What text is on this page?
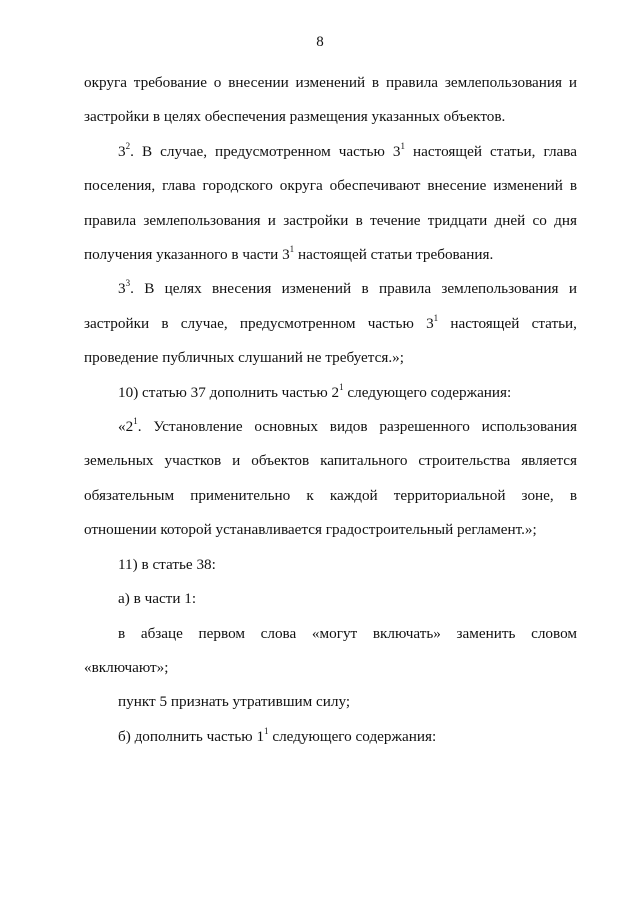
8

округа требование о внесении изменений в правила землепользования и застройки в целях обеспечения размещения указанных объектов.

$3^2$. В случае, предусмотренном частью $3^1$ настоящей статьи, глава поселения, глава городского округа обеспечивают внесение изменений в правила землепользования и застройки в течение тридцати дней со дня получения указанного в части $3^1$ настоящей статьи требования.

$3^3$. В целях внесения изменений в правила землепользования и застройки в случае, предусмотренном частью $3^1$ настоящей статьи, проведение публичных слушаний не требуется.»;

10) статью 37 дополнить частью $2^1$ следующего содержания:

«$2^1$. Установление основных видов разрешенного использования земельных участков и объектов капитального строительства является обязательным применительно к каждой территориальной зоне, в отношении которой устанавливается градостроительный регламент.»;

11) в статье 38:

а) в части 1:

в абзаце первом слова «могут включать» заменить словом «включают»;

пункт 5 признать утратившим силу;

б) дополнить частью $1^1$ следующего содержания:
